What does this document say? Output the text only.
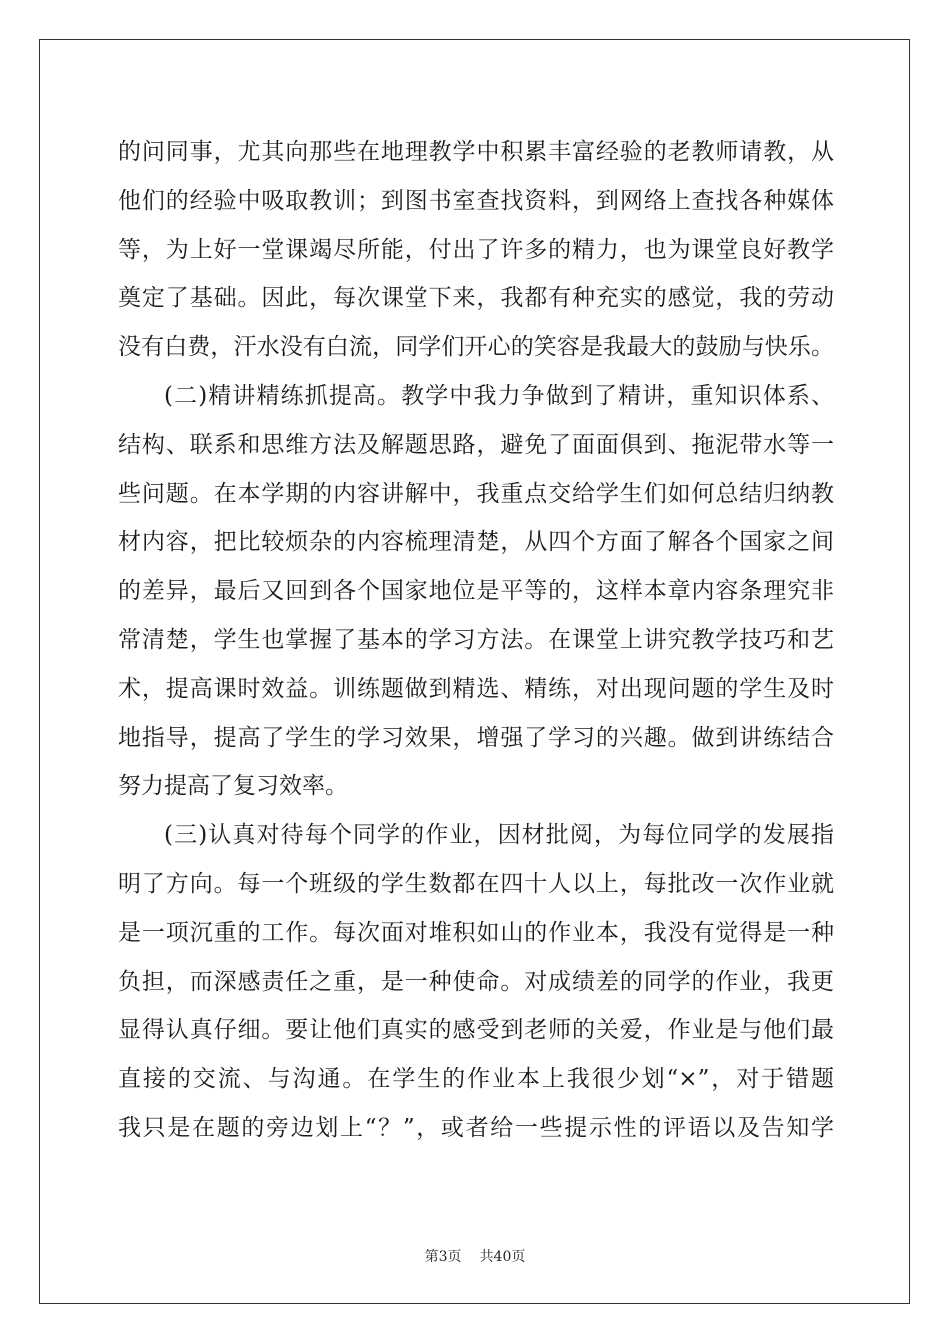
的问同事，尤其向那些在地理教学中积累丰富经验的老教师请教，从
他们的经验中吸取教训；到图书室查找资料，到网络上查找各种媒体
等，为上好一堂课竭尽所能，付出了许多的精力，也为课堂良好教学
奠定了基础。因此，每次课堂下来，我都有种充实的感觉，我的劳动
没有白费，汗水没有白流，同学们开心的笑容是我最大的鼓励与快乐。
(二)精讲精练抓提高。教学中我力争做到了精讲，重知识体系、
结构、联系和思维方法及解题思路，避免了面面俱到、拖泥带水等一
些问题。在本学期的内容讲解中，我重点交给学生们如何总结归纳教
材内容，把比较烦杂的内容梳理清楚，从四个方面了解各个国家之间
的差异，最后又回到各个国家地位是平等的，这样本章内容条理究非
常清楚，学生也掌握了基本的学习方法。在课堂上讲究教学技巧和艺
术，提高课时效益。训练题做到精选、精练，对出现问题的学生及时
地指导，提高了学生的学习效果，增强了学习的兴趣。做到讲练结合
努力提高了复习效率。
(三)认真对待每个同学的作业，因材批阅，为每位同学的发展指
明了方向。每一个班级的学生数都在四十人以上，每批改一次作业就
是一项沉重的工作。每次面对堆积如山的作业本，我没有觉得是一种
负担，而深感责任之重，是一种使命。对成绩差的同学的作业，我更
显得认真仔细。要让他们真实的感受到老师的关爱，作业是与他们最
直接的交流、与沟通。在学生的作业本上我很少划“×”，对于错题
我只是在题的旁边划上“？”，或者给一些提示性的评语以及告知学
第3页 共40页
